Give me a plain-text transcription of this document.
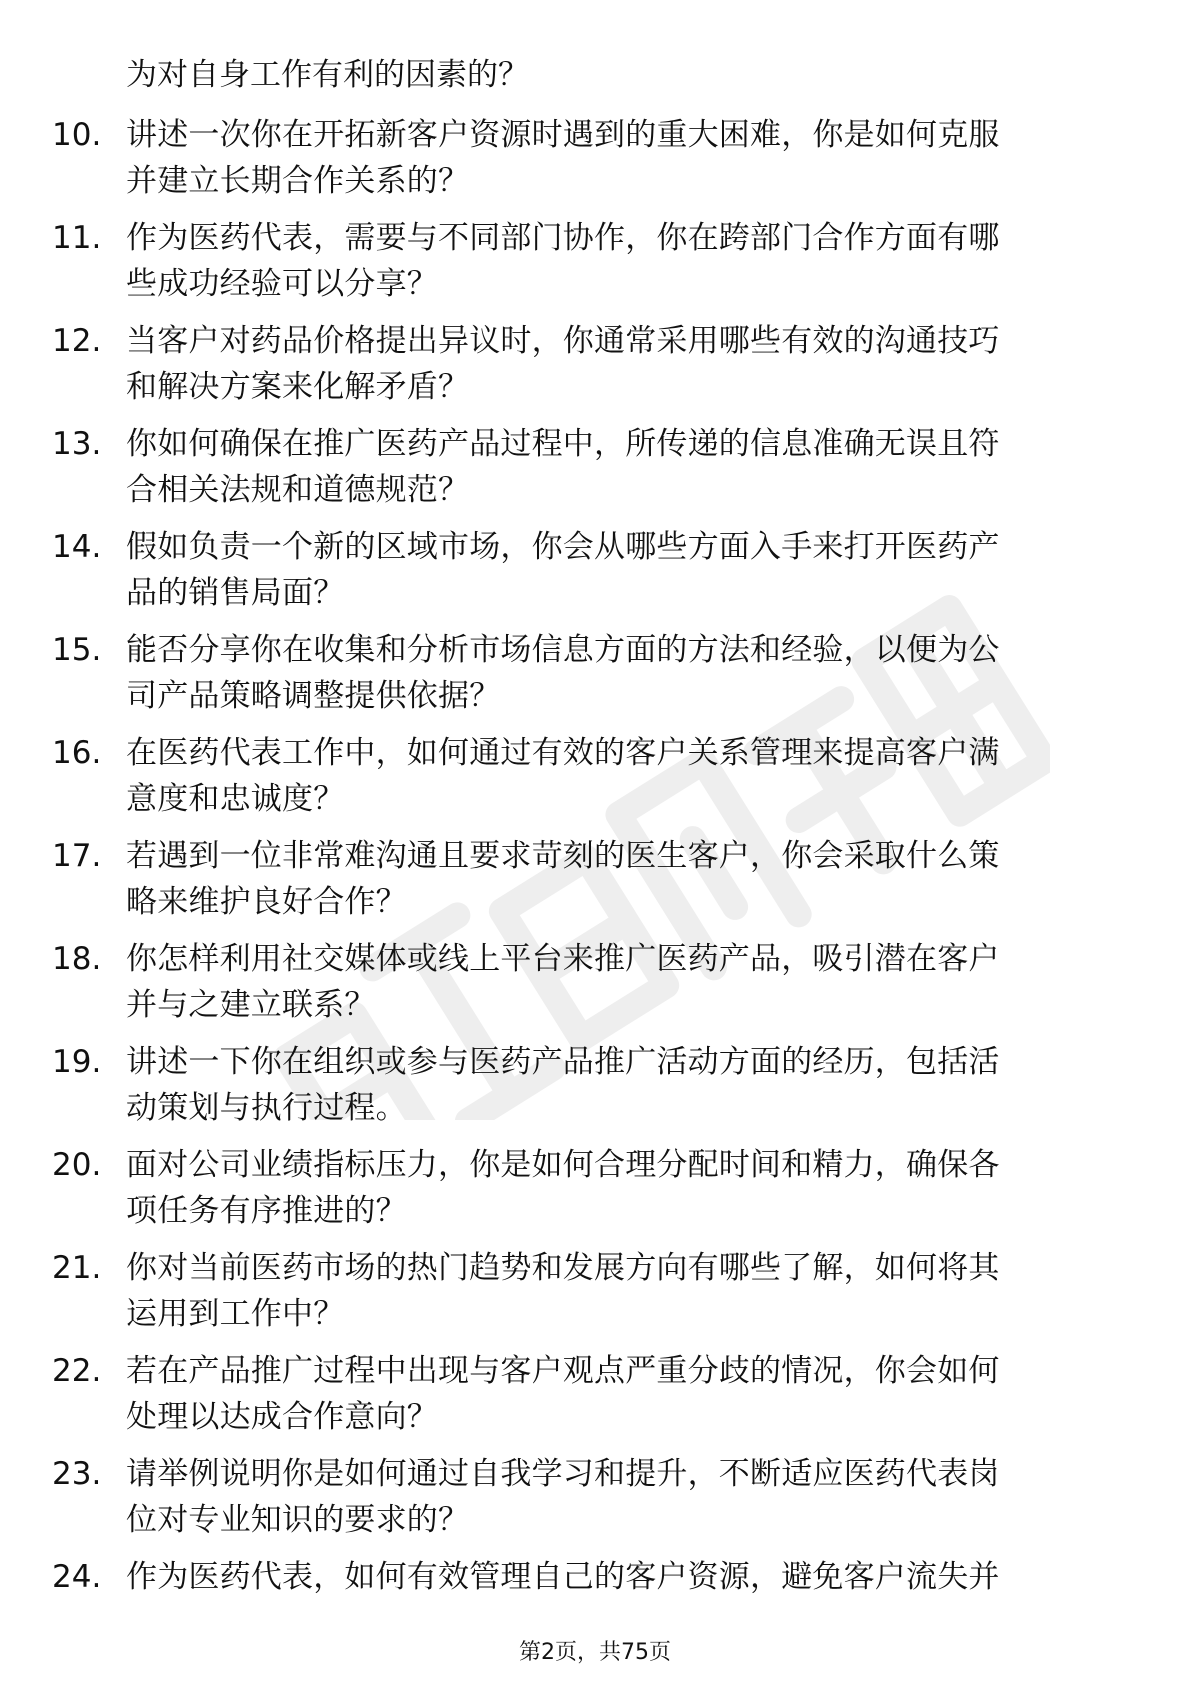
为对自身工作有利的因素的？
10. 讲述一次你在开拓新客户资源时遇到的重大困难，你是如何克服
并建立长期合作关系的？
11. 作为医药代表，需要与不同部门协作，你在跨部门合作方面有哪
些成功经验可以分享？
12. 当客户对药品价格提出异议时，你通常采用哪些有效的沟通技巧
和解决方案来化解矛盾？
13. 你如何确保在推广医药产品过程中，所传递的信息准确无误且符
合相关法规和道德规范？
14. 假如负责一个新的区域市场，你会从哪些方面入手来打开医药产
品的销售局面？
15. 能否分享你在收集和分析市场信息方面的方法和经验，以便为公
司产品策略调整提供依据？
16. 在医药代表工作中，如何通过有效的客户关系管理来提高客户满
意度和忠诚度？
17. 若遇到一位非常难沟通且要求苛刻的医生客户，你会采取什么策
略来维护良好合作？
18. 你怎样利用社交媒体或线上平台来推广医药产品，吸引潜在客户
并与之建立联系？
19. 讲述一下你在组织或参与医药产品推广活动方面的经历，包括活
动策划与执行过程。
20. 面对公司业绩指标压力，你是如何合理分配时间和精力，确保各
项任务有序推进的？
21. 你对当前医药市场的热门趋势和发展方向有哪些了解，如何将其
运用到工作中？
22. 若在产品推广过程中出现与客户观点严重分歧的情况，你会如何
处理以达成合作意向？
23. 请举例说明你是如何通过自我学习和提升，不断适应医药代表岗
位对专业知识的要求的？
24. 作为医药代表，如何有效管理自己的客户资源，避免客户流失并
第2页，共75页
